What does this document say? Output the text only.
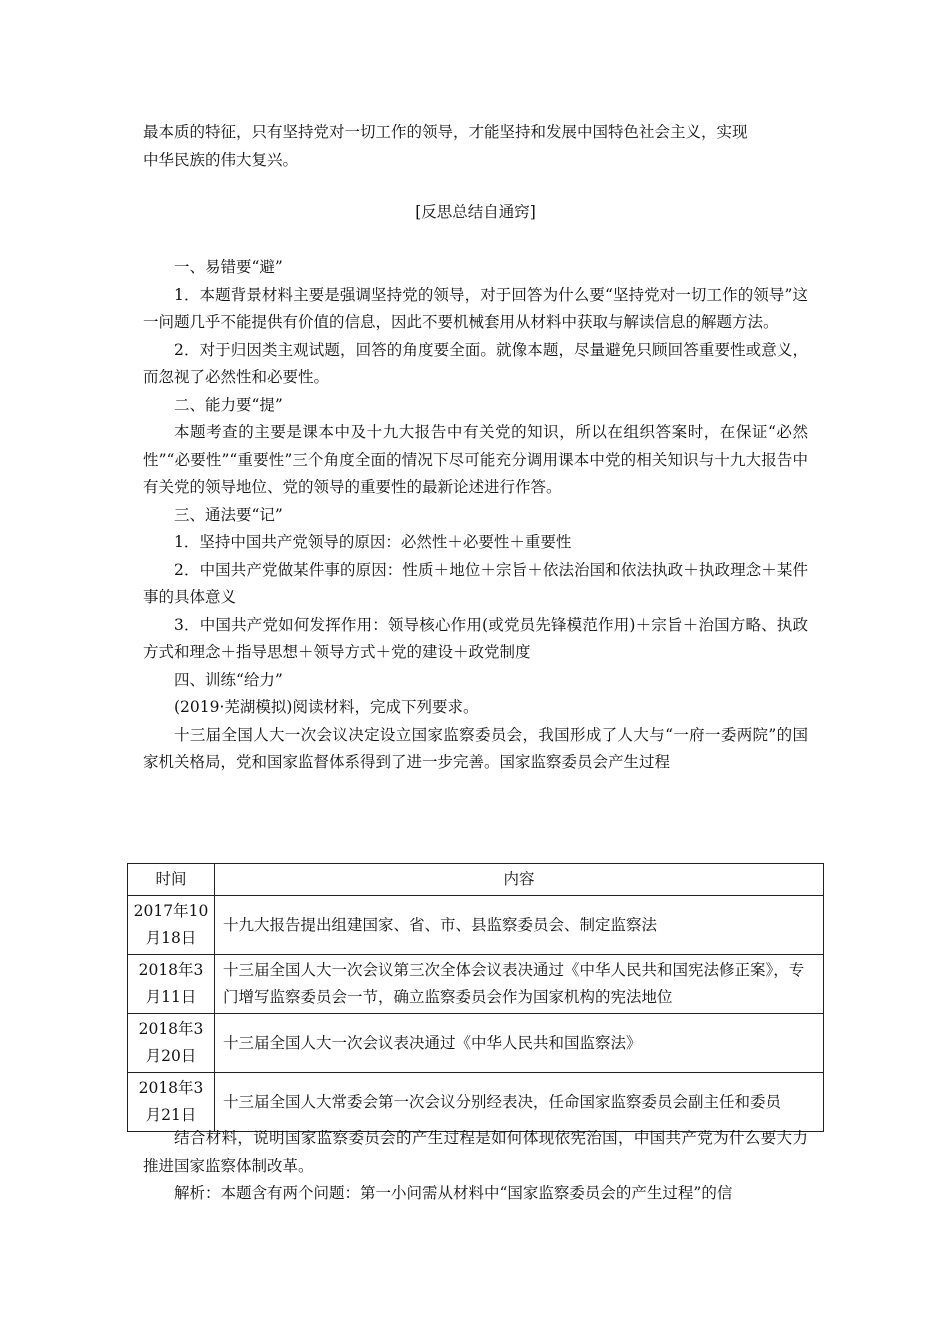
最本质的特征，只有坚持党对一切工作的领导，才能坚持和发展中国特色社会主义，实现

中华民族的伟大复兴。

[反思总结自通窍]

一、易错要“避”

1．本题背景材料主要是强调坚持党的领导，对于回答为什么要“坚持党对一切工作的领导”这一问题几乎不能提供有价值的信息，因此不要机械套用从材料中获取与解读信息的解题方法。

2．对于归因类主观试题，回答的角度要全面。就像本题，尽量避免只顾回答重要性或意义，而忽视了必然性和必要性。

二、能力要“提”

本题考查的主要是课本中及十九大报告中有关党的知识，所以在组织答案时，在保证“必然性”“必要性”“重要性”三个角度全面的情况下尽可能充分调用课本中党的相关知识与十九大报告中有关党的领导地位、党的领导的重要性的最新论述进行作答。

三、通法要“记”

1．坚持中国共产党领导的原因：必然性＋必要性＋重要性

2．中国共产党做某件事的原因：性质＋地位＋宗旨＋依法治国和依法执政＋执政理念＋某件事的具体意义

3．中国共产党如何发挥作用：领导核心作用(或党员先锋模范作用)＋宗旨＋治国方略、执政方式和理念＋指导思想＋领导方式＋党的建设＋政党制度

四、训练“给力”

(2019·芜湖模拟)阅读材料，完成下列要求。

十三届全国人大一次会议决定设立国家监察委员会，我国形成了人大与“一府一委两院”的国家机关格局，党和国家监督体系得到了进一步完善。国家监察委员会产生过程

时间	内容
2017年10月18日	十九大报告提出组建国家、省、市、县监察委员会、制定监察法
2018年3月11日	十三届全国人大一次会议第三次全体会议表决通过《中华人民共和国宪法修正案》，专门增写监察委员会一节，确立监察委员会作为国家机构的宪法地位
2018年3月20日	十三届全国人大一次会议表决通过《中华人民共和国监察法》
2018年3月21日	十三届全国人大常委会第一次会议分别经表决，任命国家监察委员会副主任和委员

结合材料，说明国家监察委员会的产生过程是如何体现依宪治国，中国共产党为什么要大力推进国家监察体制改革。

解析：本题含有两个问题：第一小问需从材料中“国家监察委员会的产生过程”的信
